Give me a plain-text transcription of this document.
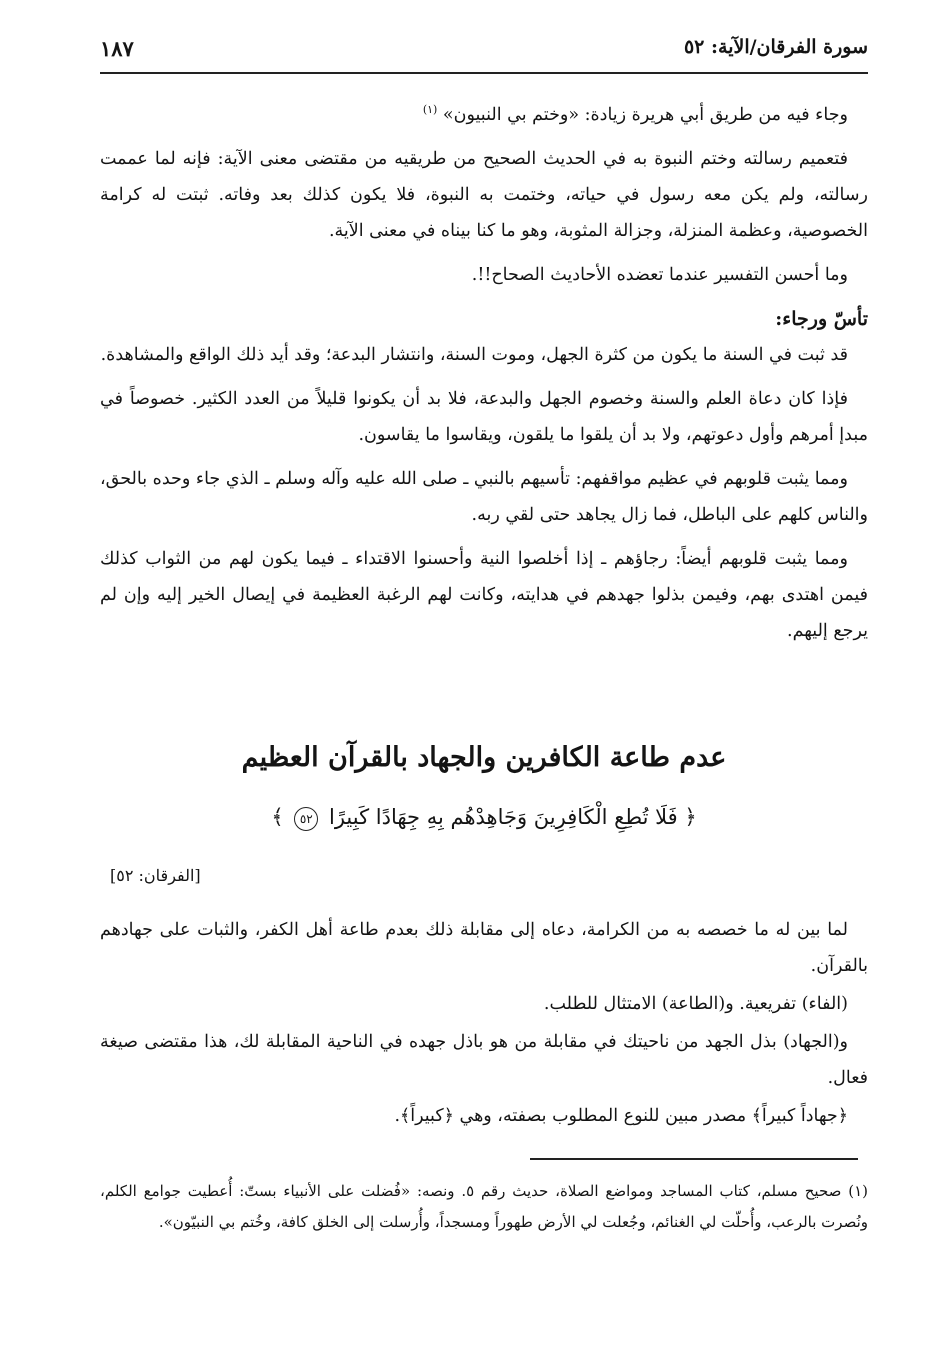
سورة الفرقان/الآية: ٥٢
١٨٧

وجاء فيه من طريق أبي هريرة زيادة: «وختم بي النبيون» $^{(١)}$

فتعميم رسالته وختم النبوة به في الحديث الصحيح من طريقيه من مقتضى معنى الآية: فإنه لما عممت رسالته، ولم يكن معه رسول في حياته، وختمت به النبوة، فلا يكون كذلك بعد وفاته. ثبتت له كرامة الخصوصية، وعظمة المنزلة، وجزالة المثوبة، وهو ما كنا بيناه في معنى الآية.

وما أحسن التفسير عندما تعضده الأحاديث الصحاح!!.

تأسّ ورجاء:

قد ثبت في السنة ما يكون من كثرة الجهل، وموت السنة، وانتشار البدعة؛ وقد أيد ذلك الواقع والمشاهدة.

فإذا كان دعاة العلم والسنة وخصوم الجهل والبدعة، فلا بد أن يكونوا قليلاً من العدد الكثير. خصوصاً في مبدإ أمرهم وأول دعوتهم، ولا بد أن يلقوا ما يلقون، ويقاسوا ما يقاسون.

ومما يثبت قلوبهم في عظيم مواقفهم: تأسيهم بالنبي ـ صلى الله عليه وآله وسلم ـ الذي جاء وحده بالحق، والناس كلهم على الباطل، فما زال يجاهد حتى لقي ربه.

ومما يثبت قلوبهم أيضاً: رجاؤهم ـ إذا أخلصوا النية وأحسنوا الاقتداء ـ فيما يكون لهم من الثواب كذلك فيمن اهتدى بهم، وفيمن بذلوا جهدهم في هدايته، وكانت لهم الرغبة العظيمة في إيصال الخير إليه وإن لم يرجع إليهم.

عدم طاعة الكافرين والجهاد بالقرآن العظيم
﴿ فَلَا تُطِعِ الْكَافِرِينَ وَجَاهِدْهُم بِهِ جِهَادًا كَبِيرًا ٥٢ ﴾
[الفرقان: ٥٢]

لما بين له ما خصصه به من الكرامة، دعاه إلى مقابلة ذلك بعدم طاعة أهل الكفر، والثبات على جهادهم بالقرآن.

(الفاء) تفريعية. و(الطاعة) الامتثال للطلب.

و(الجهاد) بذل الجهد من ناحيتك في مقابلة من هو باذل جهده في الناحية المقابلة لك، هذا مقتضى صيغة فعال.

﴿جهاداً كبيراً﴾ مصدر مبين للنوع المطلوب بصفته، وهي ﴿كبيراً﴾.

(١) صحيح مسلم، كتاب المساجد ومواضع الصلاة، حديث رقم ٥. ونصه: «فُضلت على الأنبياء بستّ: أُعطيت جوامع الكلم، ونُصرت بالرعب، وأُحلّت لي الغنائم، وجُعلت لي الأرض طهوراً ومسجداً، وأُرسلت إلى الخلق كافة، وخُتم بي النبيّون».
